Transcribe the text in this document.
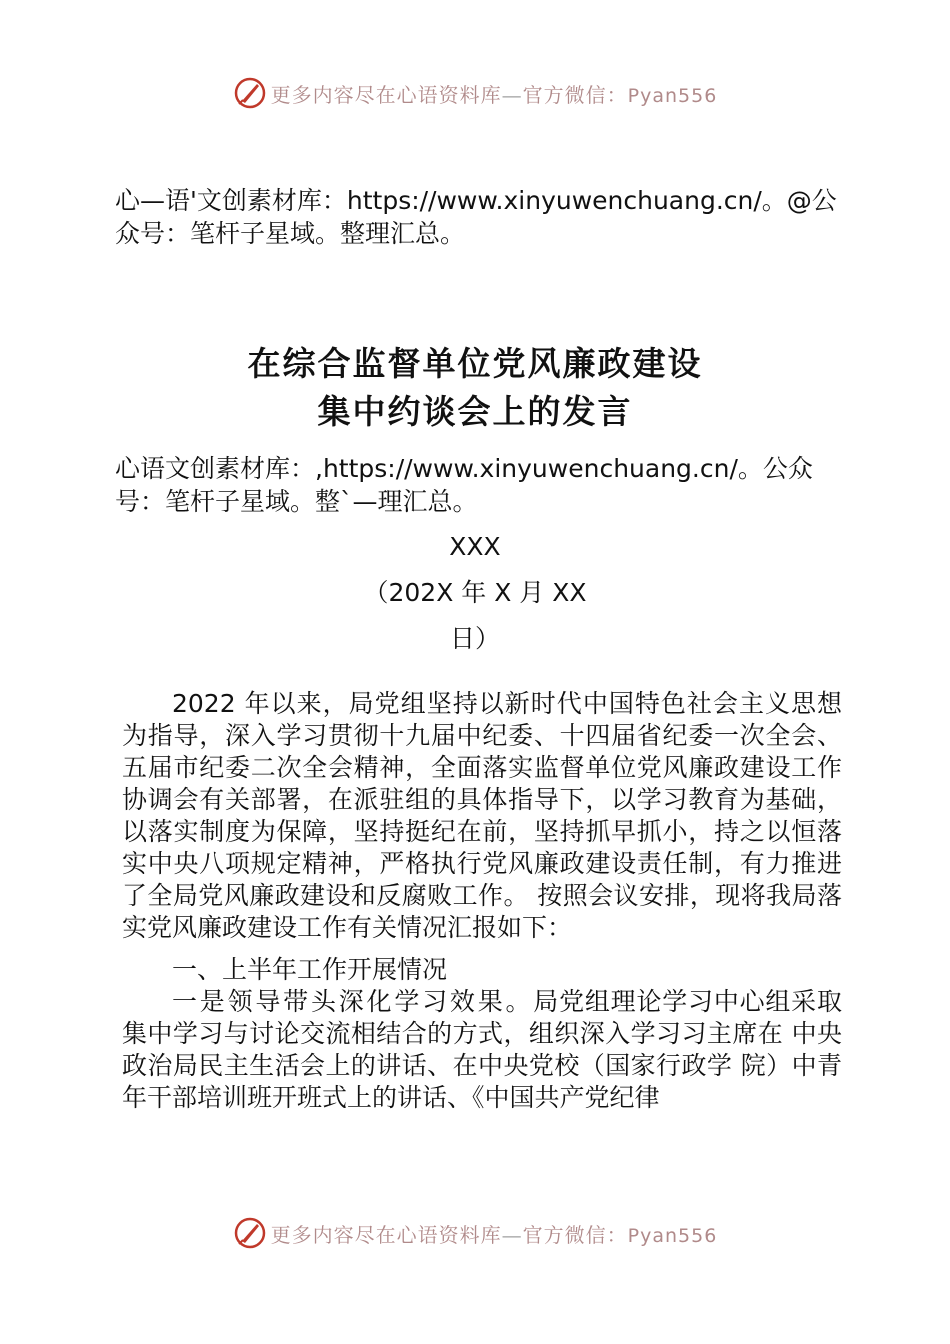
更多内容尽在心语资料库—官方微信：Pyan556
心—语'文创素材库：https://www.xinyuwenchuang.cn/。@公众号：笔杆子星域。整理汇总。
在综合监督单位党风廉政建设
集中约谈会上的发言
心语文创素材库：,https://www.xinyuwenchuang.cn/。公众号：笔杆子星域。整`—理汇总。
XXX
（202X 年 X 月 XX
日）

2022 年以来，局党组坚持以新时代中国特色社会主义思想为指导，深入学习贯彻十九届中纪委、十四届省纪委一次全会、五届市纪委二次全会精神，全面落实监督单位党风廉政建设工作协调会有关部署，在派驻组的具体指导下，以学习教育为基础，以落实制度为保障，坚持挺纪在前，坚持抓早抓小，持之以恒落实中央八项规定精神，严格执行党风廉政建设责任制，有力推进了全局党风廉政建设和反腐败工作。 按照会议安排，现将我局落实党风廉政建设工作有关情况汇报如下：

一、上半年工作开展情况

一是领导带头深化学习效果。局党组理论学习中心组采取集中学习与讨论交流相结合的方式，组织深入学习习主席在 中央政治局民主生活会上的讲话、在中央党校（国家行政学 院）中青年干部培训班开班式上的讲话、《中国共产党纪律

更多内容尽在心语资料库—官方微信：Pyan556
